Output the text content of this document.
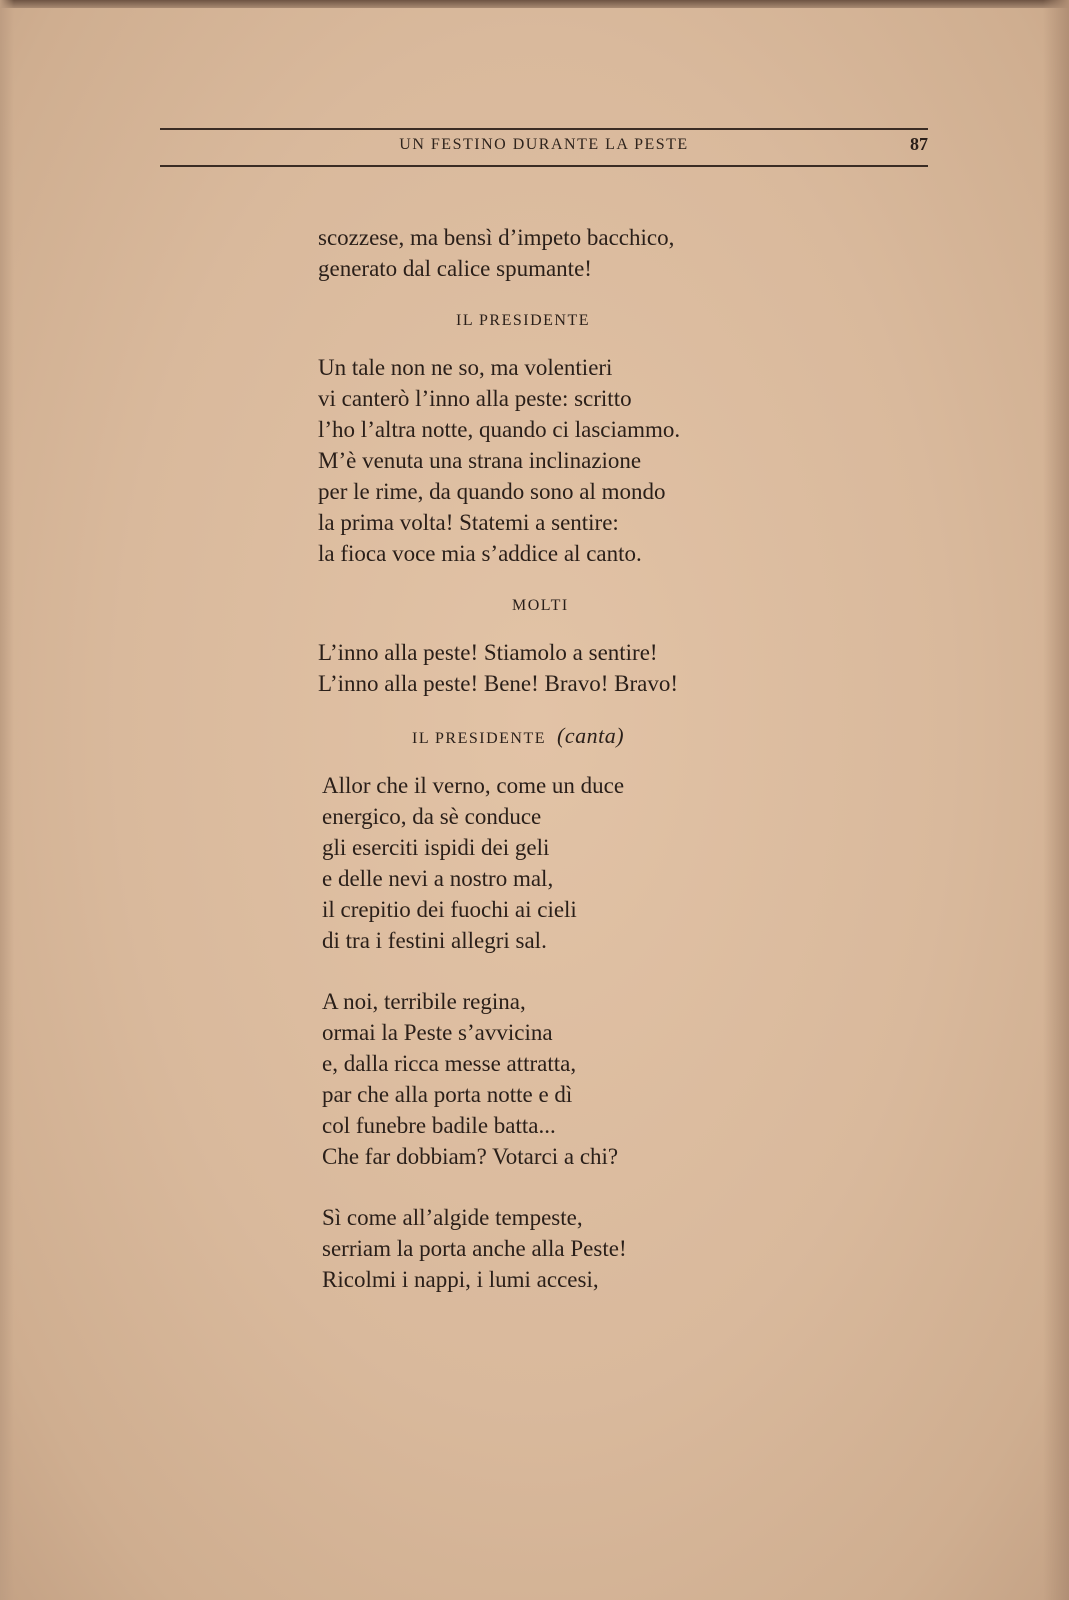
UN FESTINO DURANTE LA PESTE	87
scozzese, ma bensì d’impeto bacchico,
generato dal calice spumante!
IL PRESIDENTE
Un tale non ne so, ma volentieri
vi canterò l’inno alla peste: scritto
l’ho l’altra notte, quando ci lasciammo.
M’è venuta una strana inclinazione
per le rime, da quando sono al mondo
la prima volta! Statemi a sentire:
la fioca voce mia s’addice al canto.
MOLTI
L’inno alla peste! Stiamolo a sentire!
L’inno alla peste! Bene! Bravo! Bravo!
IL PRESIDENTE (canta)
Allor che il verno, come un duce
energico, da sè conduce
gli eserciti ispidi dei geli
e delle nevi a nostro mal,
il crepitio dei fuochi ai cieli
di tra i festini allegri sal.
A noi, terribile regina,
ormai la Peste s’avvicina
e, dalla ricca messe attratta,
par che alla porta notte e dì
col funebre badile batta...
Che far dobbiam? Votarci a chi?
Sì come all’algide tempeste,
serriam la porta anche alla Peste!
Ricolmi i nappi, i lumi accesi,
